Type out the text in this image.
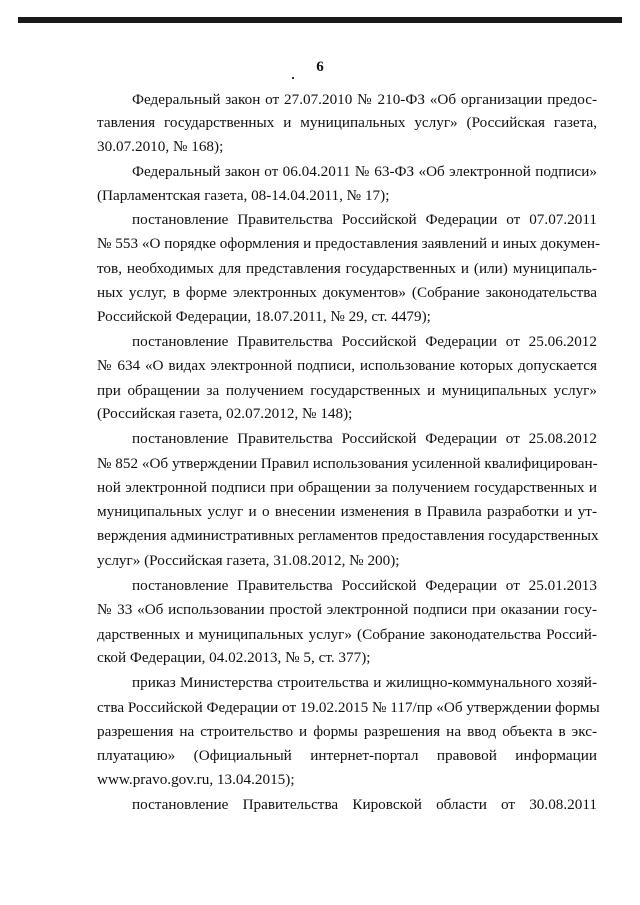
6
Федеральный закон от 27.07.2010 № 210-ФЗ «Об организации предос-
тавления государственных и муниципальных услуг» (Российская газета,
30.07.2010, № 168);
Федеральный закон от 06.04.2011 № 63-ФЗ «Об электронной подписи»
(Парламентская газета, 08-14.04.2011, № 17);
постановление Правительства Российской Федерации от 07.07.2011
№ 553 «О порядке оформления и предоставления заявлений и иных докумен-
тов, необходимых для представления государственных и (или) муниципаль-
ных услуг, в форме электронных документов» (Собрание законодательства
Российской Федерации, 18.07.2011, № 29, ст. 4479);
постановление Правительства Российской Федерации от 25.06.2012
№ 634 «О видах электронной подписи, использование которых допускается
при обращении за получением государственных и муниципальных услуг»
(Российская газета, 02.07.2012, № 148);
постановление Правительства Российской Федерации от 25.08.2012
№ 852 «Об утверждении Правил использования усиленной квалифицирован-
ной электронной подписи при обращении за получением государственных и
муниципальных услуг и о внесении изменения в Правила разработки и ут-
верждения административных регламентов предоставления государственных
услуг» (Российская газета, 31.08.2012, № 200);
постановление Правительства Российской Федерации от 25.01.2013
№ 33 «Об использовании простой электронной подписи при оказании госу-
дарственных и муниципальных услуг» (Собрание законодательства Россий-
ской Федерации, 04.02.2013, № 5, ст. 377);
приказ Министерства строительства и жилищно-коммунального хозяй-
ства Российской Федерации от 19.02.2015 № 117/пр «Об утверждении формы
разрешения на строительство и формы разрешения на ввод объекта в экс-
плуатацию» (Официальный интернет-портал правовой информации
www.pravo.gov.ru, 13.04.2015);
постановление Правительства Кировской области от 30.08.2011
